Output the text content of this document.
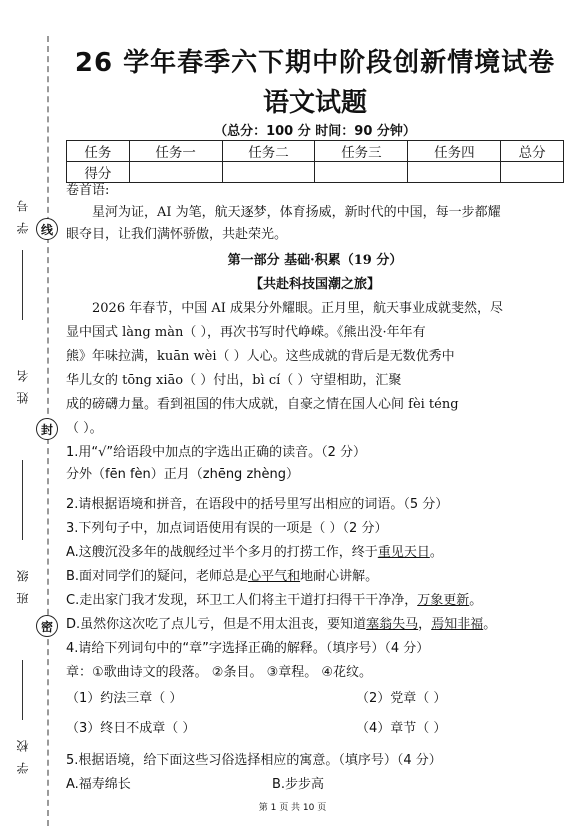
学号 线
姓名
封
班级
密
学校
26 学年春季六下期中阶段创新情境试卷
语文试题
（总分：100 分 时间：90 分钟）
任务	任务一	任务二	任务三	任务四	总分
得分					
卷首语:
星河为证，AI 为笔，航天逐梦，体育扬威，新时代的中国，每一步都耀
眼夺目，让我们满怀骄傲，共赴荣光。
第一部分 基础·积累（19 分）
【共赴科技国潮之旅】
2026 年春节，中国 AI 成果分外耀眼。正月里，航天事业成就斐然，尽
显中国式 làng màn（ ），再次书写时代峥嵘。《熊出没·年年有
熊》年味拉满，kuān wèi（ ）人心。这些成就的背后是无数优秀中
华儿女的 tōng xiāo（ ）付出，bì cí（ ）守望相助，汇聚
成的磅礴力量。看到祖国的伟大成就，自豪之情在国人心间 fèi téng
（ ）。
1.用“√”给语段中加点的字选出正确的读音。（2 分）
分外（fēn fèn）正月（zhēng zhèng）
2.请根据语境和拼音，在语段中的括号里写出相应的词语。（5 分）
3.下列句子中，加点词语使用有误的一项是（ ）（2 分）
A.这艘沉没多年的战舰经过半个多月的打捞工作，终于重见天日。
B.面对同学们的疑问，老师总是心平气和地耐心讲解。
C.走出家门我才发现，环卫工人们将主干道打扫得干干净净，万象更新。
D.虽然你这次吃了点儿亏，但是不用太沮丧，要知道塞翁失马，焉知非福。
4.请给下列词句中的“章”字选择正确的解释。（填序号）（4 分）
章：①歌曲诗文的段落。 ②条目。 ③章程。 ④花纹。
（1）约法三章（ ）	（2）党章（ ）
（3）终日不成章（ ）	（4）章节（ ）
5.根据语境，给下面这些习俗选择相应的寓意。（填序号）（4 分）
A.福寿绵长	B.步步高
第 1 页 共 10 页
